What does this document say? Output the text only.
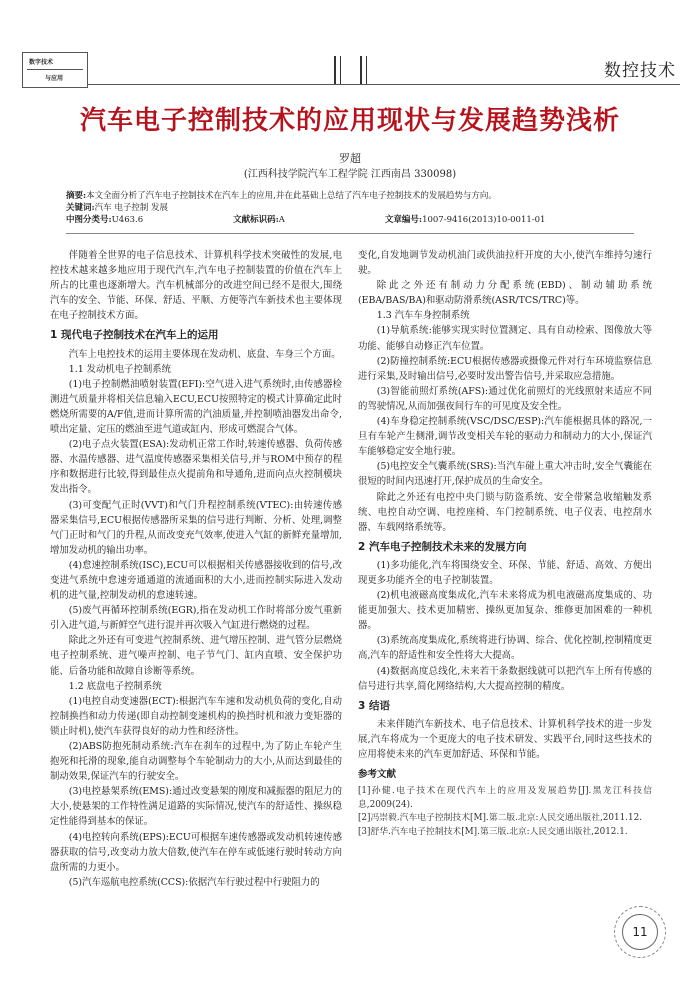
数字技术
与应用	数控技术
汽车电子控制技术的应用现状与发展趋势浅析
罗超
(江西科技学院汽车工程学院 江西南昌 330098)
摘要:本文全面分析了汽车电子控制技术在汽车上的应用,并在此基础上总结了汽车电子控制技术的发展趋势与方向。
关键词:汽车 电子控制 发展
中图分类号:U463.6	文献标识码:A	文章编号:1007-9416(2013)10-0011-01

伴随着全世界的电子信息技术、计算机科学技术突破性的发展,电控技术越来越多地应用于现代汽车,汽车电子控制装置的价值在汽车上所占的比重也逐渐增大。汽车机械部分的改进空间已经不是很大,围绕汽车的安全、节能、环保、舒适、平顺、方便等汽车新技术也主要体现在电子控制技术方面。

1 现代电子控制技术在汽车上的运用

汽车上电控技术的运用主要体现在发动机、底盘、车身三个方面。

1.1 发动机电子控制系统

(1)电子控制燃油喷射装置(EFI):空气进入进气系统时,由传感器检测进气质量并将相关信息输入ECU,ECU按照特定的模式计算确定此时燃烧所需要的A/F值,进而计算所需的汽油质量,并控制喷油器发出命令,喷出定量、定压的燃油至进气道或缸内、形成可燃混合气体。

(2)电子点火装置(ESA):发动机正常工作时,转速传感器、负荷传感器、水温传感器、进气温度传感器采集相关信号,并与ROM中预存的程序和数据进行比较,得到最佳点火提前角和导通角,进而向点火控制模块发出指令。

(3)可变配气正时(VVT)和气门升程控制系统(VTEC):由转速传感器采集信号,ECU根据传感器所采集的信号进行判断、分析、处理,调整气门正时和气门的升程,从而改变充气效率,使进入气缸的新鲜充量增加,增加发动机的输出功率。

(4)怠速控制系统(ISC),ECU可以根据相关传感器接收到的信号,改变进气系统中怠速旁通通道的流通面积的大小,进而控制实际进入发动机的进气量,控制发动机的怠速转速。

(5)废气再循环控制系统(EGR),指在发动机工作时将部分废气重新引入进气道,与新鲜空气进行混并再次吸入气缸进行燃烧的过程。

除此之外还有可变进气控制系统、进气增压控制、进气管分层燃烧电子控制系统、进气噪声控制、电子节气门、缸内直喷、安全保护功能、后备功能和故障自诊断等系统。

1.2 底盘电子控制系统

(1)电控自动变速器(ECT):根据汽车车速和发动机负荷的变化,自动控制换挡和动力传递(即自动控制变速机构的换挡时机和液力变矩器的锁止时机),使汽车获得良好的动力性和经济性。

(2)ABS防抱死制动系统:汽车在刹车的过程中,为了防止车轮产生抱死和托滑的现象,能自动调整每个车轮制动力的大小,从而达到最佳的制动效果,保证汽车的行驶安全。

(3)电控悬架系统(EMS):通过改变悬架的刚度和减振器的阻尼力的大小,使悬架的工作特性满足道路的实际情况,使汽车的舒适性、操纵稳定性能得到基本的保证。

(4)电控转向系统(EPS):ECU可根据车速传感器或发动机转速传感器获取的信号,改变动力放大倍数,使汽车在停车或低速行驶时转动方向盘所需的力更小。

(5)汽车巡航电控系统(CCS):依据汽车行驶过程中行驶阻力的

变化,自发地调节发动机油门或供油拉杆开度的大小,使汽车维持匀速行驶。

除此之外还有制动力分配系统(EBD)、制动辅助系统(EBA/BAS/BA)和驱动防滑系统(ASR/TCS/TRC)等。

1.3 汽车车身控制系统

(1)导航系统:能够实现实时位置测定、具有自动检索、图像放大等功能、能够自动修正汽车位置。

(2)防撞控制系统:ECU根据传感器或摄像元件对行车环境监察信息进行采集,及时输出信号,必要时发出警告信号,并采取应急措施。

(3)智能前照灯系统(AFS):通过优化前照灯的光线照射来适应不同的驾驶情况,从而加强夜间行车的可见度及安全性。

(4)车身稳定控制系统(VSC/DSC/ESP):汽车能根据具体的路况,一旦有车轮产生侧滑,调节改变相关车轮的驱动力和制动力的大小,保证汽车能够稳定安全地行驶。

(5)电控安全气囊系统(SRS):当汽车碰上重大冲击时,安全气囊能在很短的时间内迅速打开,保护成员的生命安全。

除此之外还有电控中央门锁与防盗系统、安全带紧急收缩触发系统、电控自动空调、电控座椅、车门控制系统、电子仪表、电控刮水器、车载网络系统等。

2 汽车电子控制技术未来的发展方向

(1)多功能化,汽车将围绕安全、环保、节能、舒适、高效、方便出现更多功能齐全的电子控制装置。

(2)机电液磁高度集成化,汽车未来将成为机电液磁高度集成的、功能更加强大、技术更加精密、操纵更加复杂、维修更加困难的一种机器。

(3)系统高度集成化,系统将进行协调、综合、优化控制,控制精度更高,汽车的舒适性和安全性将大大提高。

(4)数据高度总线化,未来若干条数据线就可以把汽车上所有传感的信号进行共享,简化网络结构,大大提高控制的精度。

3 结语

未来伴随汽车新技术、电子信息技术、计算机科学技术的进一步发展,汽车将成为一个更庞大的电子技术研发、实践平台,同时这些技术的应用将使未来的汽车更加舒适、环保和节能。

参考文献

[1]孙健.电子技术在现代汽车上的应用及发展趋势[J].黑龙江科技信息,2009(24).

[2]冯崇毅.汽车电子控制技术[M].第二版.北京:人民交通出版社,2011.12.

[3]舒华.汽车电子控制技术[M].第三版.北京:人民交通出版社,2012.1.

11
